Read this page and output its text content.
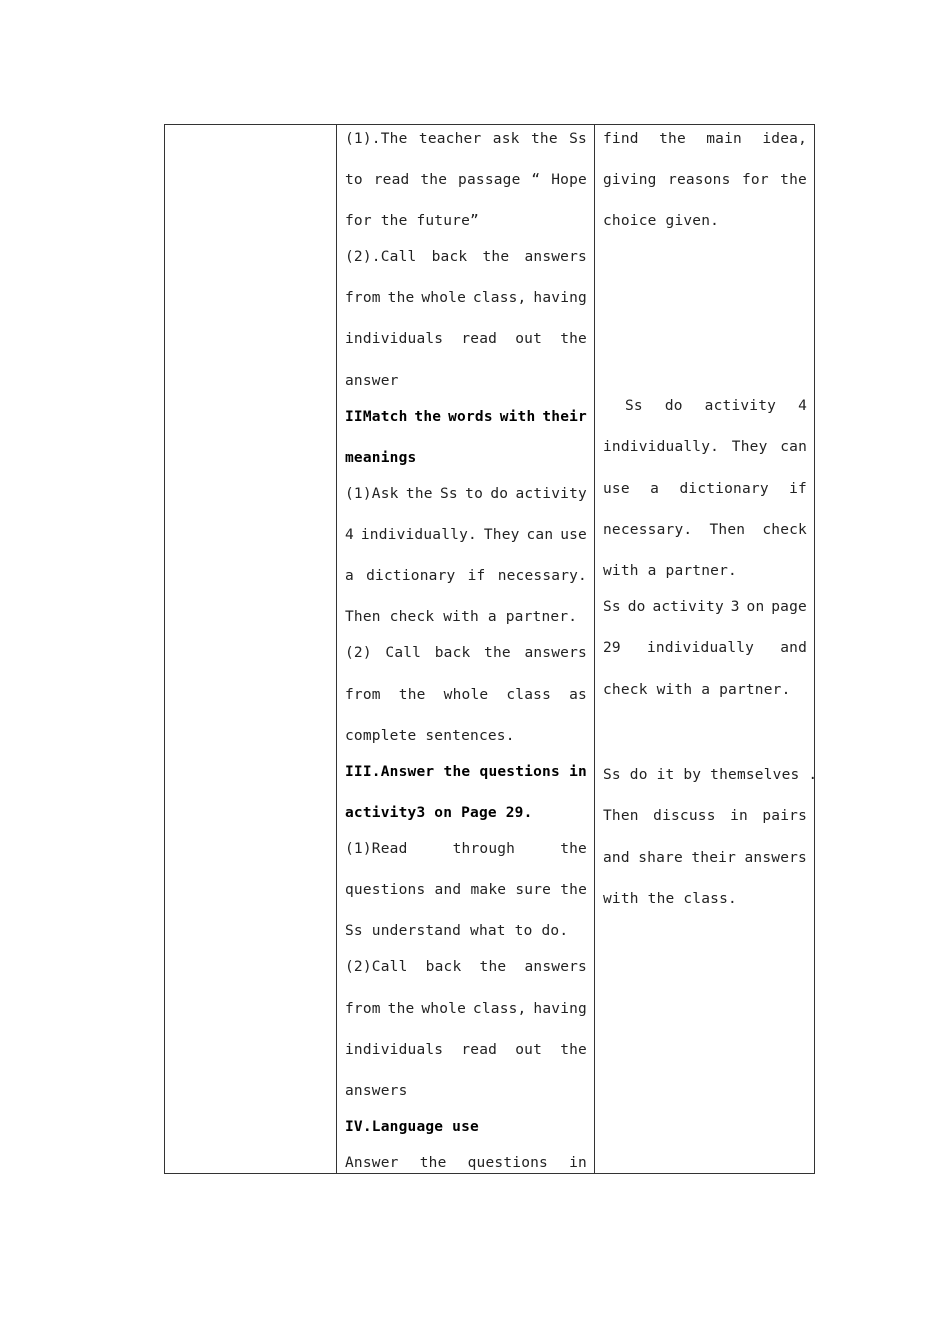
(1).The teacher ask the Ss
to read the passage “ Hope
for the future”
(2).Call back the answers
from the whole class, having
individuals read out the
answer
IIMatch the words with their
meanings
(1)Ask the Ss to do activity
4 individually. They can use
a dictionary if necessary.
Then check with a partner.
(2) Call back the answers
from the whole class as
complete sentences.
III.Answer the questions in
activity3 on Page 29.
(1)Read	through	the
questions and make sure the
Ss understand what to do.
(2)Call back the answers
from the whole class, having
individuals read out the
answers
IV.Language use
Answer the questions in
find the main idea,
giving reasons for the
choice given.
Ss do activity 4
individually. They can
use a dictionary if
necessary. Then check
with a partner.
Ss do activity 3 on page
29 individually and
check with a partner.
Ss do it by themselves .
Then discuss in pairs
and share their answers
with the class.
